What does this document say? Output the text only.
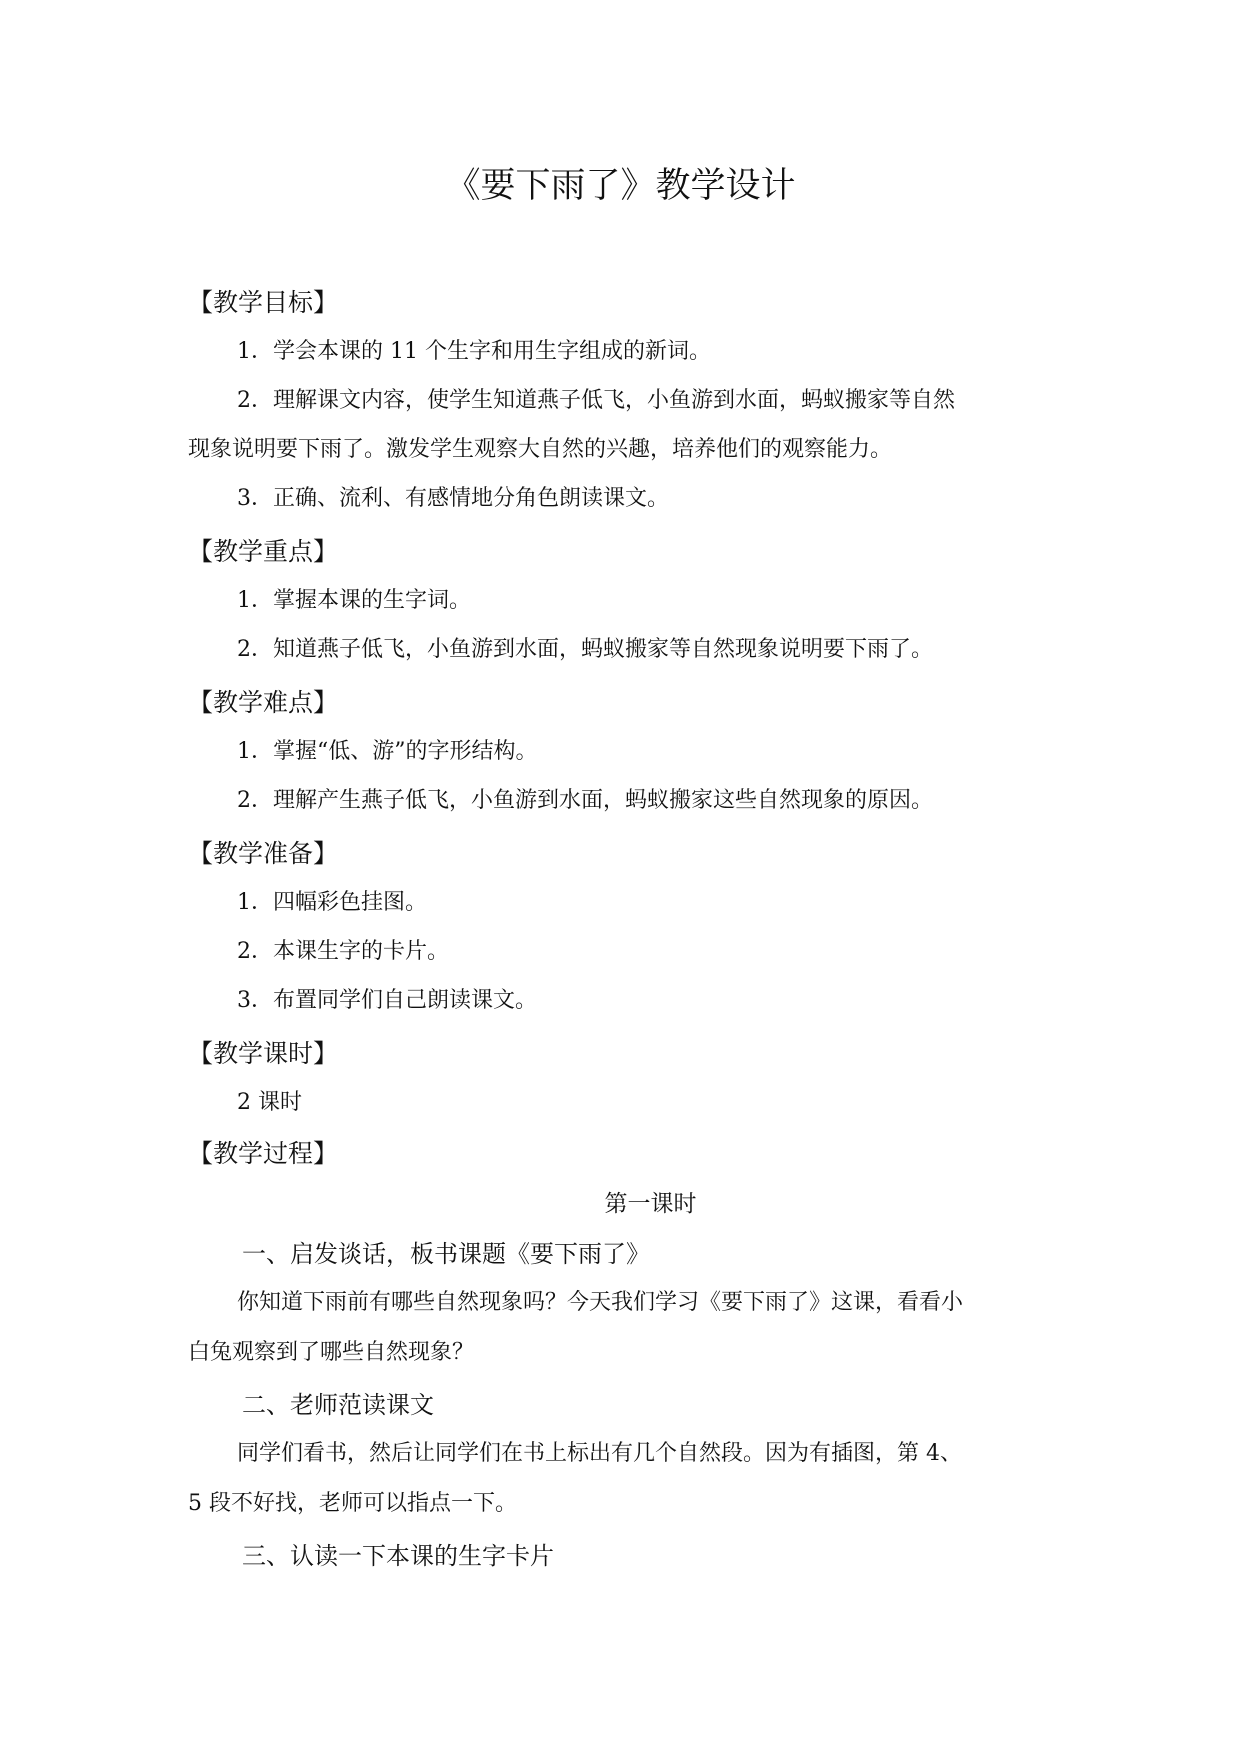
《要下雨了》教学设计

【教学目标】

1．学会本课的 11 个生字和用生字组成的新词。

2．理解课文内容，使学生知道燕子低飞，小鱼游到水面，蚂蚁搬家等自然

现象说明要下雨了。激发学生观察大自然的兴趣，培养他们的观察能力。

3．正确、流利、有感情地分角色朗读课文。

【教学重点】

1．掌握本课的生字词。

2．知道燕子低飞，小鱼游到水面，蚂蚁搬家等自然现象说明要下雨了。

【教学难点】

1．掌握“低、游”的字形结构。

2．理解产生燕子低飞，小鱼游到水面，蚂蚁搬家这些自然现象的原因。

【教学准备】

1．四幅彩色挂图。

2．本课生字的卡片。

3．布置同学们自己朗读课文。

【教学课时】

2 课时

【教学过程】

第一课时

一、启发谈话，板书课题《要下雨了》

你知道下雨前有哪些自然现象吗？今天我们学习《要下雨了》这课，看看小

白兔观察到了哪些自然现象？

二、老师范读课文

同学们看书，然后让同学们在书上标出有几个自然段。因为有插图，第 4、

5 段不好找，老师可以指点一下。

三、认读一下本课的生字卡片
